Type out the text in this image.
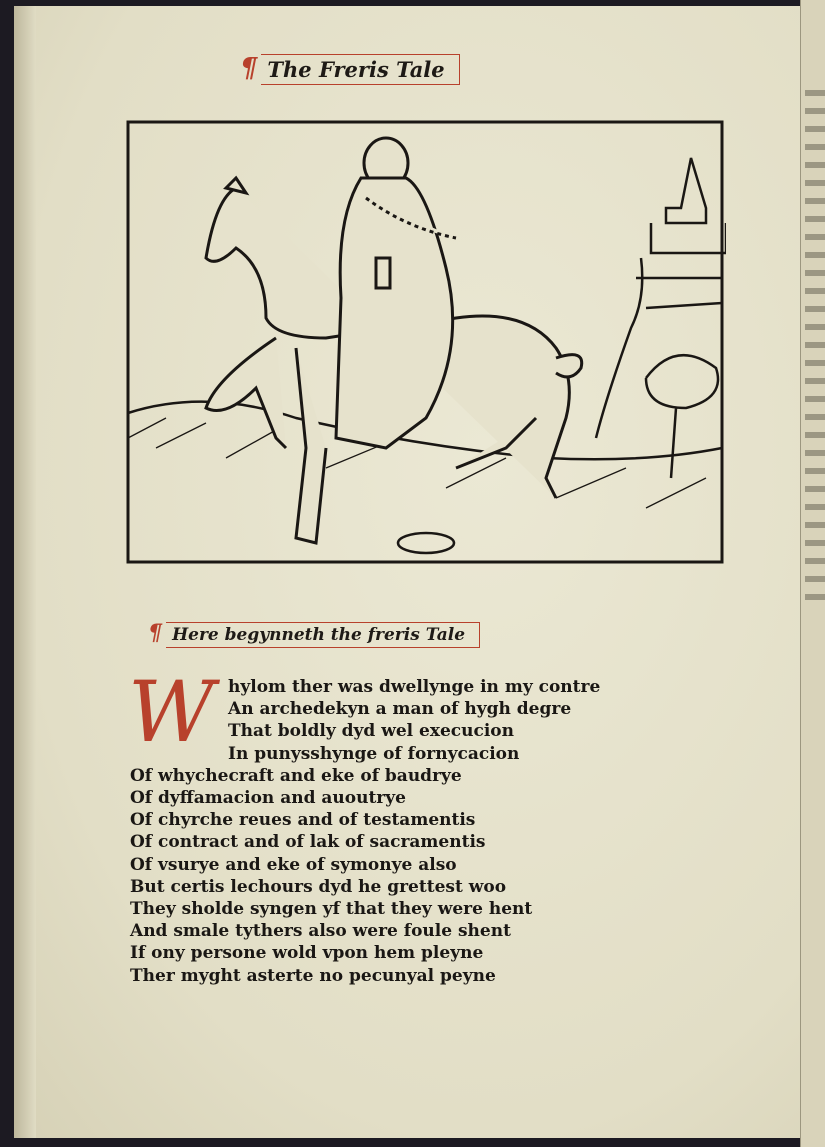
¶ The Freris Tale
¶ Here begynneth the freris Tale
W hylom ther was dwellynge in my contre
An archedekyn a man of hygh degre
That boldly dyd wel execucion
In punysshynge of fornycacion
Of whychecraft and eke of baudrye
Of dyffamacion and auoutrye
Of chyrche reues and of testamentis
Of contract and of lak of sacramentis
Of vsurye and eke of symonye also
But certis lechours dyd he grettest woo
They sholde syngen yf that they were hent
And smale tythers also were foule shent
If ony persone wold vpon hem pleyne
Ther myght asterte no pecunyal peyne
